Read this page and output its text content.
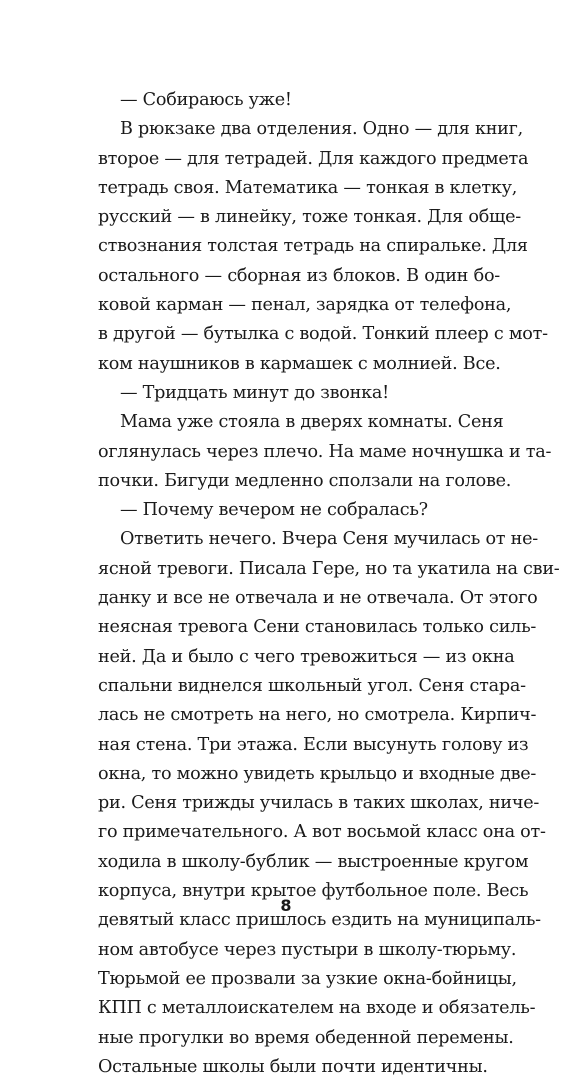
— Собираюсь уже!
В рюкзаке два отделения. Одно — для книг,
второе — для тетрадей. Для каждого предмета
тетрадь своя. Математика — тонкая в клетку,
русский — в линейку, тоже тонкая. Для обще-
ствознания толстая тетрадь на спиральке. Для
остального — сборная из блоков. В один бо-
ковой карман — пенал, зарядка от телефона,
в другой — бутылка с водой. Тонкий плеер с мот-
ком наушников в кармашек с молнией. Все.
— Тридцать минут до звонка!
Мама уже стояла в дверях комнаты. Сеня
оглянулась через плечо. На маме ночнушка и та-
почки. Бигуди медленно сползали на голове.
— Почему вечером не собралась?
Ответить нечего. Вчера Сеня мучилась от не-
ясной тревоги. Писала Гере, но та укатила на сви-
данку и все не отвечала и не отвечала. От этого
неясная тревога Сени становилась только силь-
ней. Да и было с чего тревожиться — из окна
спальни виднелся школьный угол. Сеня стара-
лась не смотреть на него, но смотрела. Кирпич-
ная стена. Три этажа. Если высунуть голову из
окна, то можно увидеть крыльцо и входные две-
ри. Сеня трижды училась в таких школах, ниче-
го примечательного. А вот восьмой класс она от-
ходила в школу-бублик — выстроенные кругом
корпуса, внутри крытое футбольное поле. Весь
девятый класс пришлось ездить на муниципаль-
ном автобусе через пустыри в школу-тюрьму.
Тюрьмой ее прозвали за узкие окна-бойницы,
КПП с металлоискателем на входе и обязатель-
ные прогулки во время обеденной перемены.
Остальные школы были почти идентичны.
8
